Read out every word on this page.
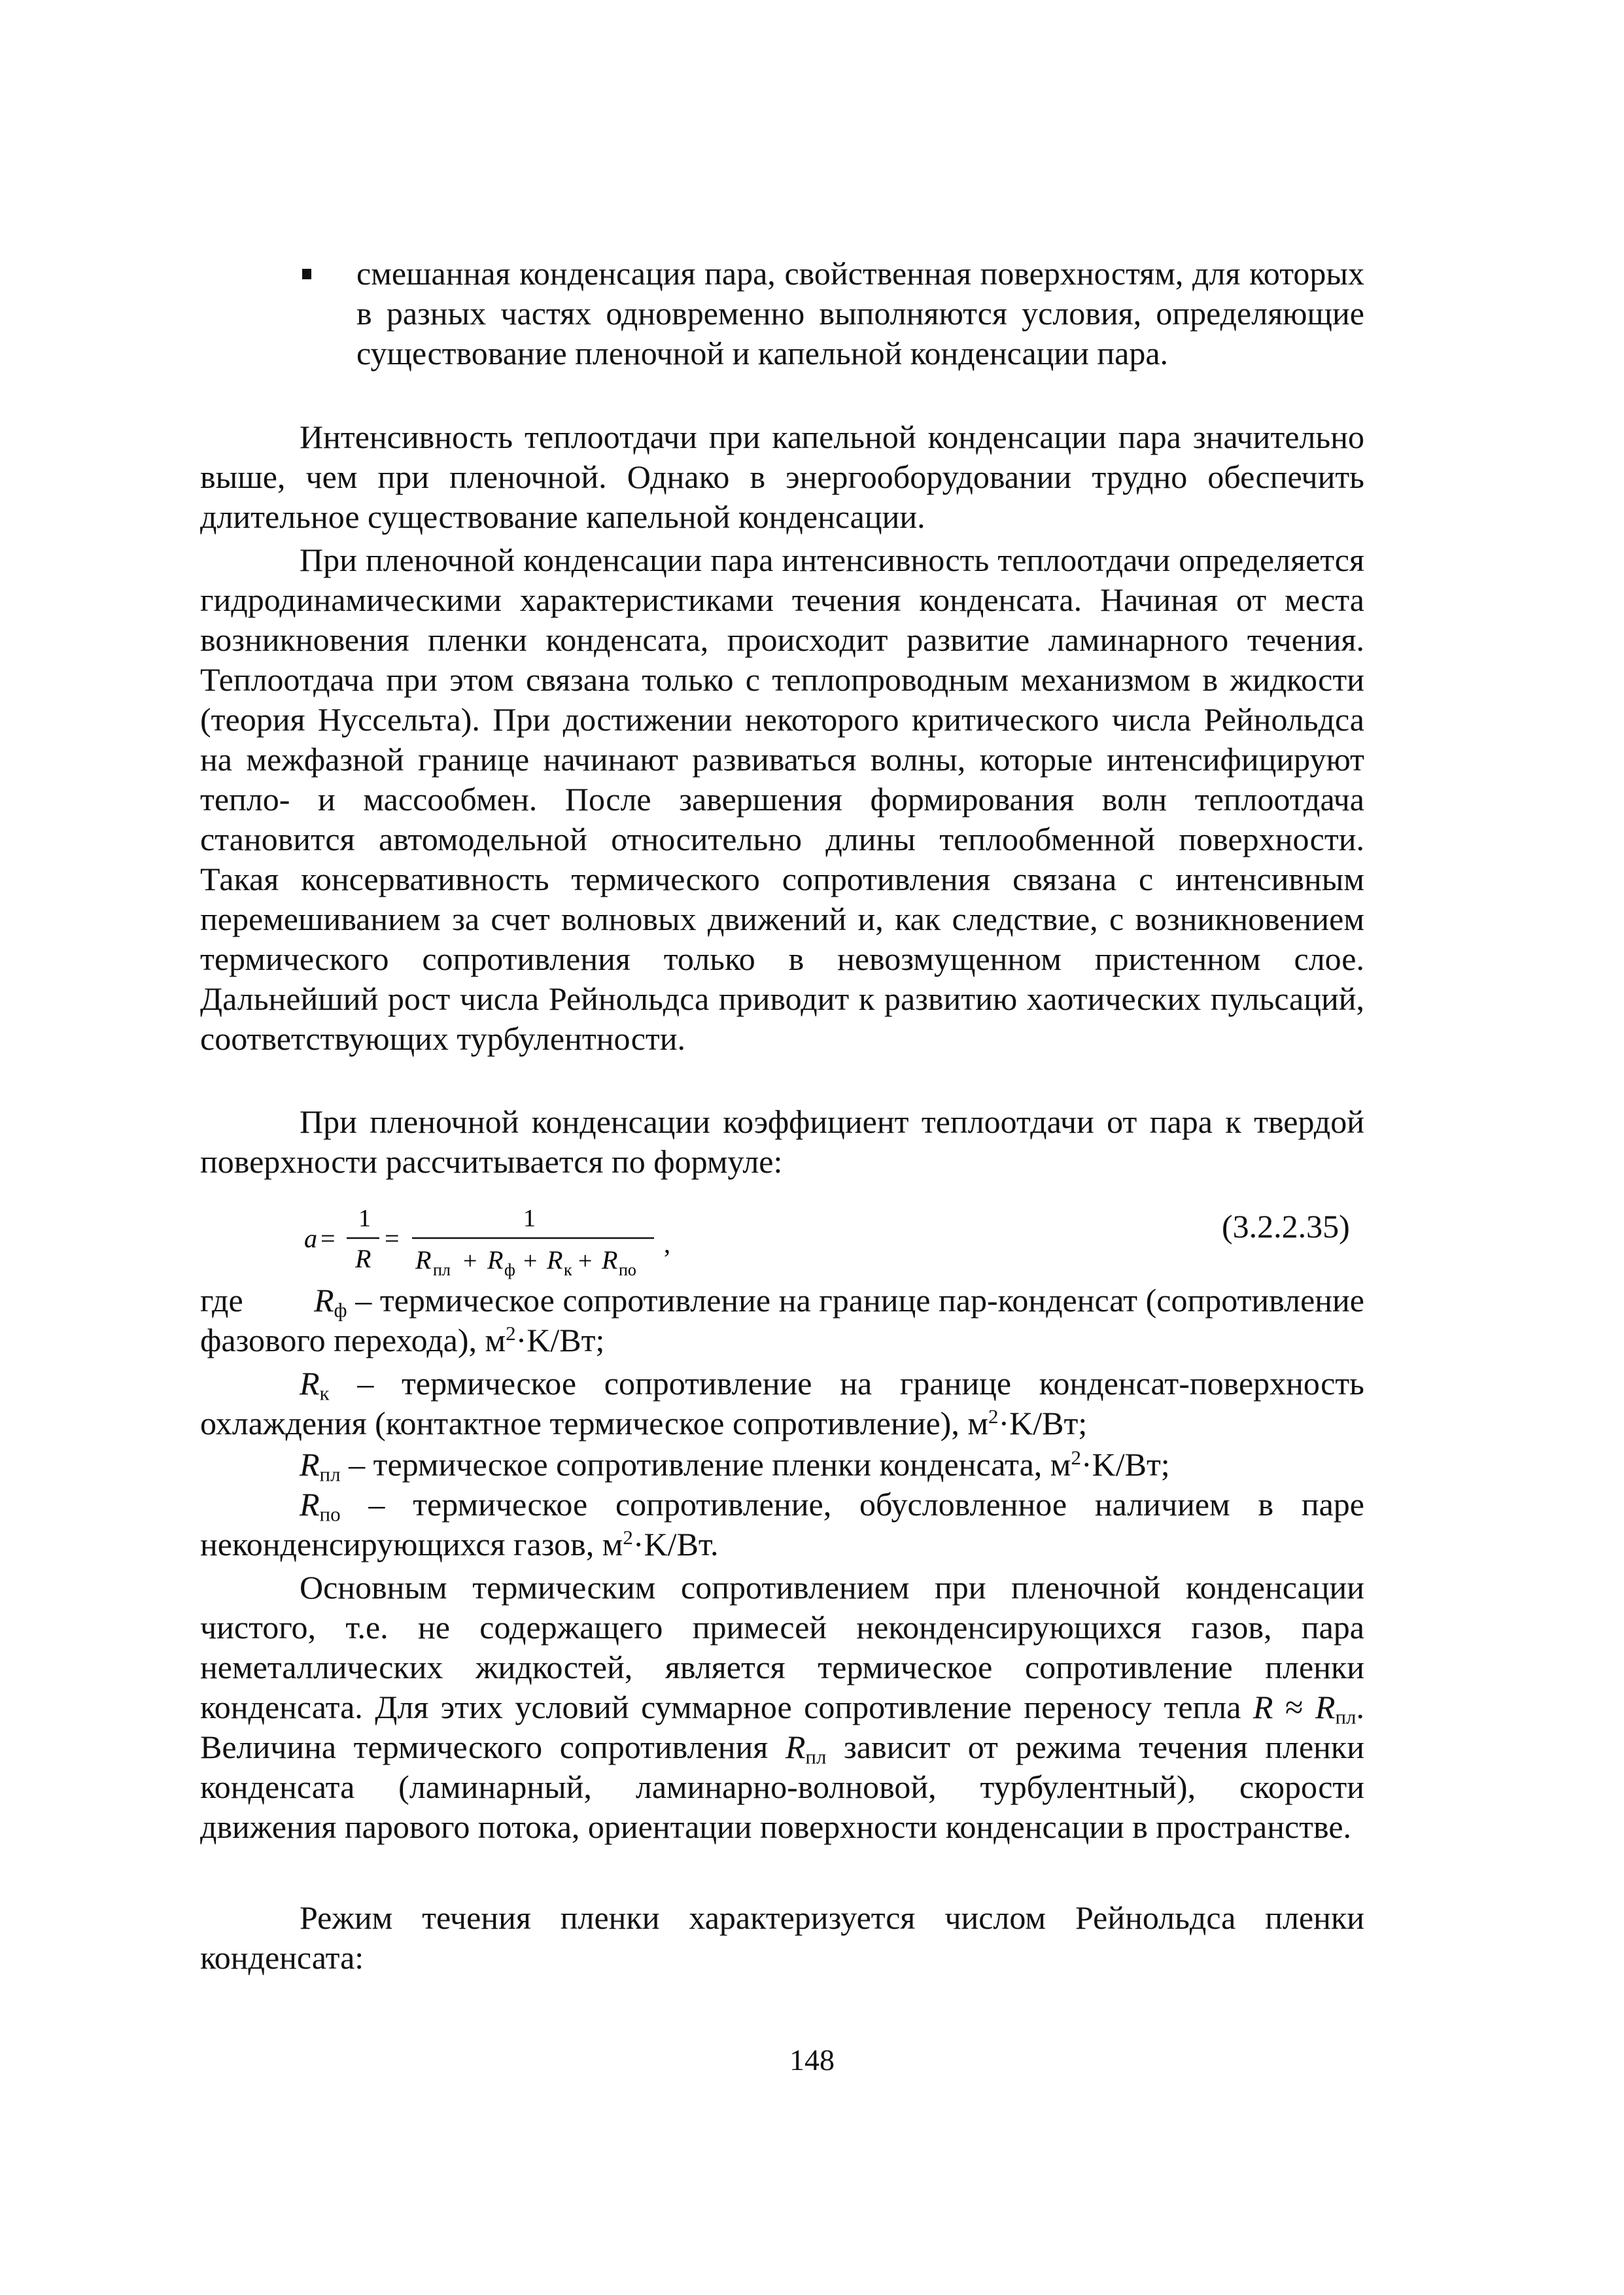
смешанная конденсация пара, свойственная поверхностям, для которых в разных частях одновременно выполняются условия, определяющие существование пленочной и капельной конденсации пара.
Интенсивность теплоотдачи при капельной конденсации пара значительно выше, чем при пленочной. Однако в энергооборудовании трудно обеспечить длительное существование капельной конденсации.
При пленочной конденсации пара интенсивность теплоотдачи определяется гидродинамическими характеристиками течения конденсата. Начиная от места возникновения пленки конденсата, происходит развитие ламинарного течения. Теплоотдача при этом связана только с теплопроводным механизмом в жидкости (теория Нуссельта). При достижении некоторого критического числа Рейнольдса на межфазной границе начинают развиваться волны, которые интенсифицируют тепло- и массообмен. После завершения формирования волн теплоотдача становится автомодельной относительно длины теплообменной поверхности. Такая консервативность термического сопротивления связана с интенсивным перемешиванием за счет волновых движений и, как следствие, с возникновением термического сопротивления только в невозмущенном пристенном слое. Дальнейший рост числа Рейнольдса приводит к развитию хаотических пульсаций, соответствующих турбулентности.
При пленочной конденсации коэффициент теплоотдачи от пара к твердой поверхности рассчитывается по формуле:
a =
1
R
=
1
R пл + R ф + R к + R по
,	(3.2.2.35)
где	$R_ф$ – термическое сопротивление на границе пар-конденсат (сопротивление фазового перехода), $м^2\cdot K/Вт$;
$R_к$ – термическое сопротивление на границе конденсат-поверхность охлаждения (контактное термическое сопротивление), $м^2\cdot K/Вт$;
$R_{пл}$ – термическое сопротивление пленки конденсата, $м^2\cdot K/Вт$;
$R_{по}$ – термическое сопротивление, обусловленное наличием в паре неконденсирующихся газов, $м^2\cdot K/Вт$.
Основным термическим сопротивлением при пленочной конденсации чистого, т.е. не содержащего примесей неконденсирующихся газов, пара неметаллических жидкостей, является термическое сопротивление пленки конденсата. Для этих условий суммарное сопротивление переносу тепла $R \approx R_{пл}$. Величина термического сопротивления $R_{пл}$ зависит от режима течения пленки конденсата (ламинарный, ламинарно-волновой, турбулентный), скорости движения парового потока, ориентации поверхности конденсации в пространстве.
Режим течения пленки характеризуется числом Рейнольдса пленки конденсата:
148
